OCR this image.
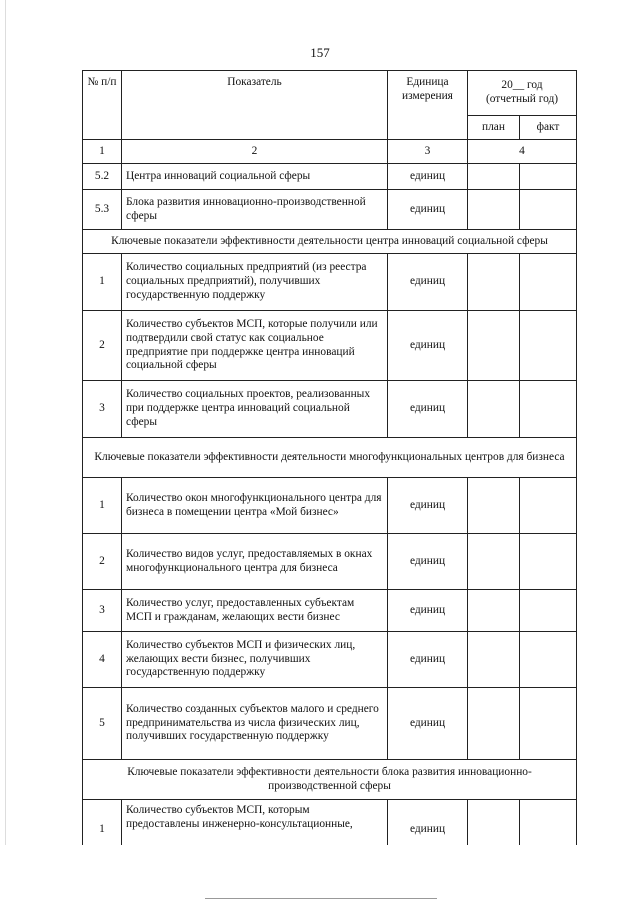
157
№ п/п	Показатель	Единица измерения	20__ год
(отчетный год)	

			план	факт
1	2	3	4	
5.2	Центра инноваций социальной сферы	единиц		
5.3	Блока развития инновационно-производственной сферы	единиц		
Ключевые показатели эффективности деятельности центра инноваций социальной сферы				
1	Количество социальных предприятий (из реестра социальных предприятий), получивших государственную поддержку	единиц		
2	Количество субъектов МСП, которые получили или подтвердили свой статус как социальное предприятие при поддержке центра инноваций социальной сферы	единиц		
3	Количество социальных проектов, реализованных при поддержке центра инноваций социальной сферы	единиц		
Ключевые показатели эффективности деятельности многофункциональных центров для бизнеса				
1	Количество окон многофункционального центра для бизнеса в помещении центра «Мой бизнес»	единиц		
2	Количество видов услуг, предоставляемых в окнах многофункционального центра для бизнеса	единиц		
3	Количество услуг, предоставленных субъектам МСП и гражданам, желающих вести бизнес	единиц		
4	Количество субъектов МСП и физических лиц, желающих вести бизнес, получивших государственную поддержку	единиц		
5	Количество созданных субъектов малого и среднего предпринимательства из числа физических лиц, получивших государственную поддержку	единиц		
Ключевые показатели эффективности деятельности блока развития инновационно-производственной сферы				
1	Количество субъектов МСП, которым предоставлены инженерно-консультационные,	единиц		
